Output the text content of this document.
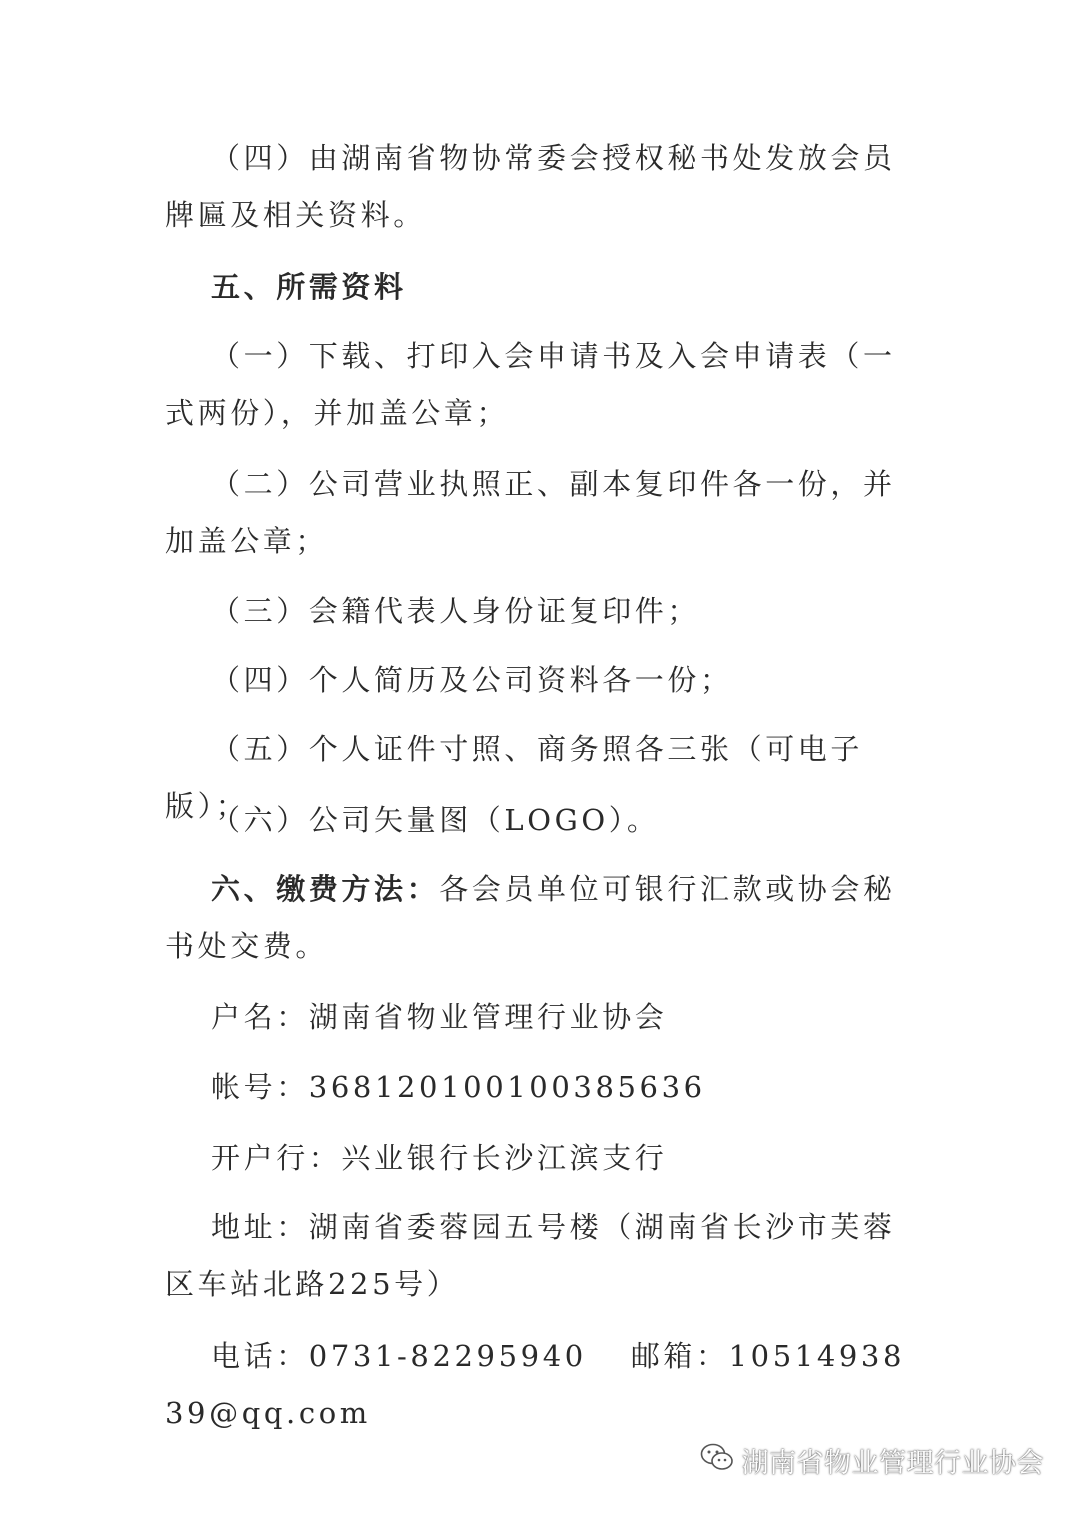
（四）由湖南省物协常委会授权秘书处发放会员牌匾及相关资料。

五、所需资料

（一）下载、打印入会申请书及入会申请表（一式两份），并加盖公章；

（二）公司营业执照正、副本复印件各一份，并加盖公章；

（三）会籍代表人身份证复印件；

（四）个人简历及公司资料各一份；

（五）个人证件寸照、商务照各三张（可电子版）；

（六）公司矢量图（LOGO）。

六、缴费方法：各会员单位可银行汇款或协会秘书处交费。

户名：湖南省物业管理行业协会

帐号：368120100100385636

开户行：兴业银行长沙江滨支行

地址：湖南省委蓉园五号楼（湖南省长沙市芙蓉区车站北路225号）

电话：0731-82295940 邮箱：1051493839@qq.com

湖南省物业管理行业协会
